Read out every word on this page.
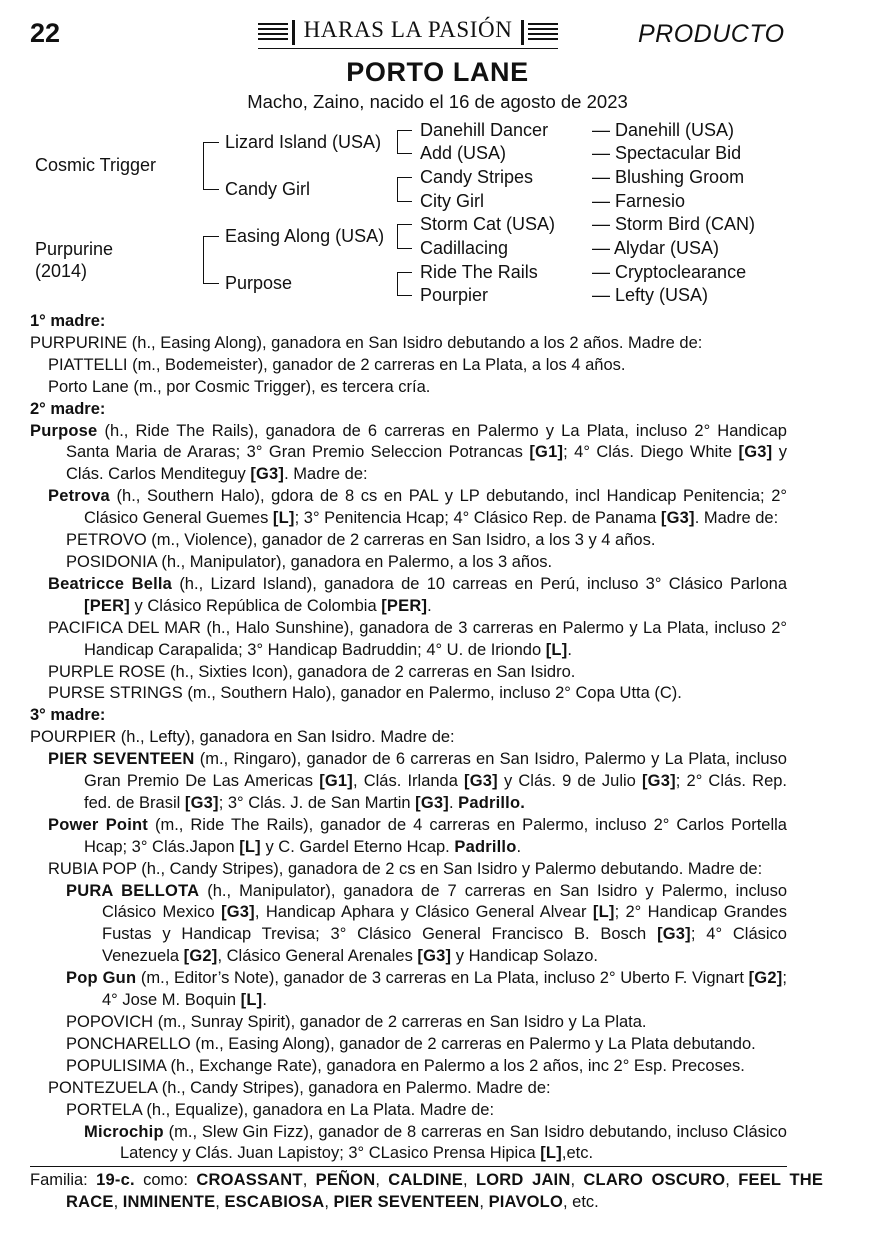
22	HARAS LA PASIÓN	PRODUCTO
PORTO LANE
Macho, Zaino, nacido el 16 de agosto de 2023
Cosmic Trigger
Purpurine
(2014)
Lizard Island (USA)
Candy Girl
Easing Along (USA)
Purpose
Danehill Dancer
Add (USA)
Candy Stripes
City Girl
Storm Cat (USA)
Cadillacing
Ride The Rails
Pourpier
— Danehill (USA)
— Spectacular Bid
— Blushing Groom
— Farnesio
— Storm Bird (CAN)
— Alydar (USA)
— Cryptoclearance
— Lefty (USA)

1° madre:

PURPURINE (h., Easing Along), ganadora en San Isidro debutando a los 2 años. Madre de:

PIATTELLI (m., Bodemeister), ganador de 2 carreras en La Plata, a los 4 años.

Porto Lane (m., por Cosmic Trigger), es tercera cría.

2° madre:

Purpose (h., Ride The Rails), ganadora de 6 carreras en Palermo y La Plata, incluso 2° Handicap Santa Maria de Araras; 3° Gran Premio Seleccion Potrancas [G1]; 4° Clás. Diego White [G3] y Clás. Carlos Menditeguy [G3]. Madre de:

Petrova (h., Southern Halo), gdora de 8 cs en PAL y LP debutando, incl Handicap Penitencia; 2° Clásico General Guemes [L]; 3° Penitencia Hcap; 4° Clásico Rep. de Panama [G3]. Madre de:

PETROVO (m., Violence), ganador de 2 carreras en San Isidro, a los 3 y 4 años.

POSIDONIA (h., Manipulator), ganadora en Palermo, a los 3 años.

Beatricce Bella (h., Lizard Island), ganadora de 10 carreas en Perú, incluso 3° Clásico Parlona [PER] y Clásico República de Colombia [PER].

PACIFICA DEL MAR (h., Halo Sunshine), ganadora de 3 carreras en Palermo y La Plata, incluso 2° Handicap Carapalida; 3° Handicap Badruddin; 4° U. de Iriondo [L].

PURPLE ROSE (h., Sixties Icon), ganadora de 2 carreras en San Isidro.

PURSE STRINGS (m., Southern Halo), ganador en Palermo, incluso 2° Copa Utta (C).

3° madre:

POURPIER (h., Lefty), ganadora en San Isidro. Madre de:

PIER SEVENTEEN (m., Ringaro), ganador de 6 carreras en San Isidro, Palermo y La Plata, incluso Gran Premio De Las Americas [G1], Clás. Irlanda [G3] y Clás. 9 de Julio [G3]; 2° Clás. Rep. fed. de Brasil [G3]; 3° Clás. J. de San Martin [G3]. Padrillo.

Power Point (m., Ride The Rails), ganador de 4 carreras en Palermo, incluso 2° Carlos Portella Hcap; 3° Clás.Japon [L] y C. Gardel Eterno Hcap. Padrillo.

RUBIA POP (h., Candy Stripes), ganadora de 2 cs en San Isidro y Palermo debutando. Madre de:

PURA BELLOTA (h., Manipulator), ganadora de 7 carreras en San Isidro y Palermo, incluso Clásico Mexico [G3], Handicap Aphara y Clásico General Alvear [L]; 2° Handicap Grandes Fustas y Handicap Trevisa; 3° Clásico General Francisco B. Bosch [G3]; 4° Clásico Venezuela [G2], Clásico General Arenales [G3] y Handicap Solazo.

Pop Gun (m., Editor’s Note), ganador de 3 carreras en La Plata, incluso 2° Uberto F. Vignart [G2]; 4° Jose M. Boquin [L].

POPOVICH (m., Sunray Spirit), ganador de 2 carreras en San Isidro y La Plata.

PONCHARELLO (m., Easing Along), ganador de 2 carreras en Palermo y La Plata debutando.

POPULISIMA (h., Exchange Rate), ganadora en Palermo a los 2 años, inc 2° Esp. Precoses.

PONTEZUELA (h., Candy Stripes), ganadora en Palermo. Madre de:

PORTELA (h., Equalize), ganadora en La Plata. Madre de:

Microchip (m., Slew Gin Fizz), ganador de 8 carreras en San Isidro debutando, incluso Clásico Latency y Clás. Juan Lapistoy; 3° CLasico Prensa Hipica [L],etc.

Familia: 19-c. como: CROASSANT, PEÑON, CALDINE, LORD JAIN, CLARO OSCURO, FEEL THE RACE, INMINENTE, ESCABIOSA, PIER SEVENTEEN, PIAVOLO, etc.
